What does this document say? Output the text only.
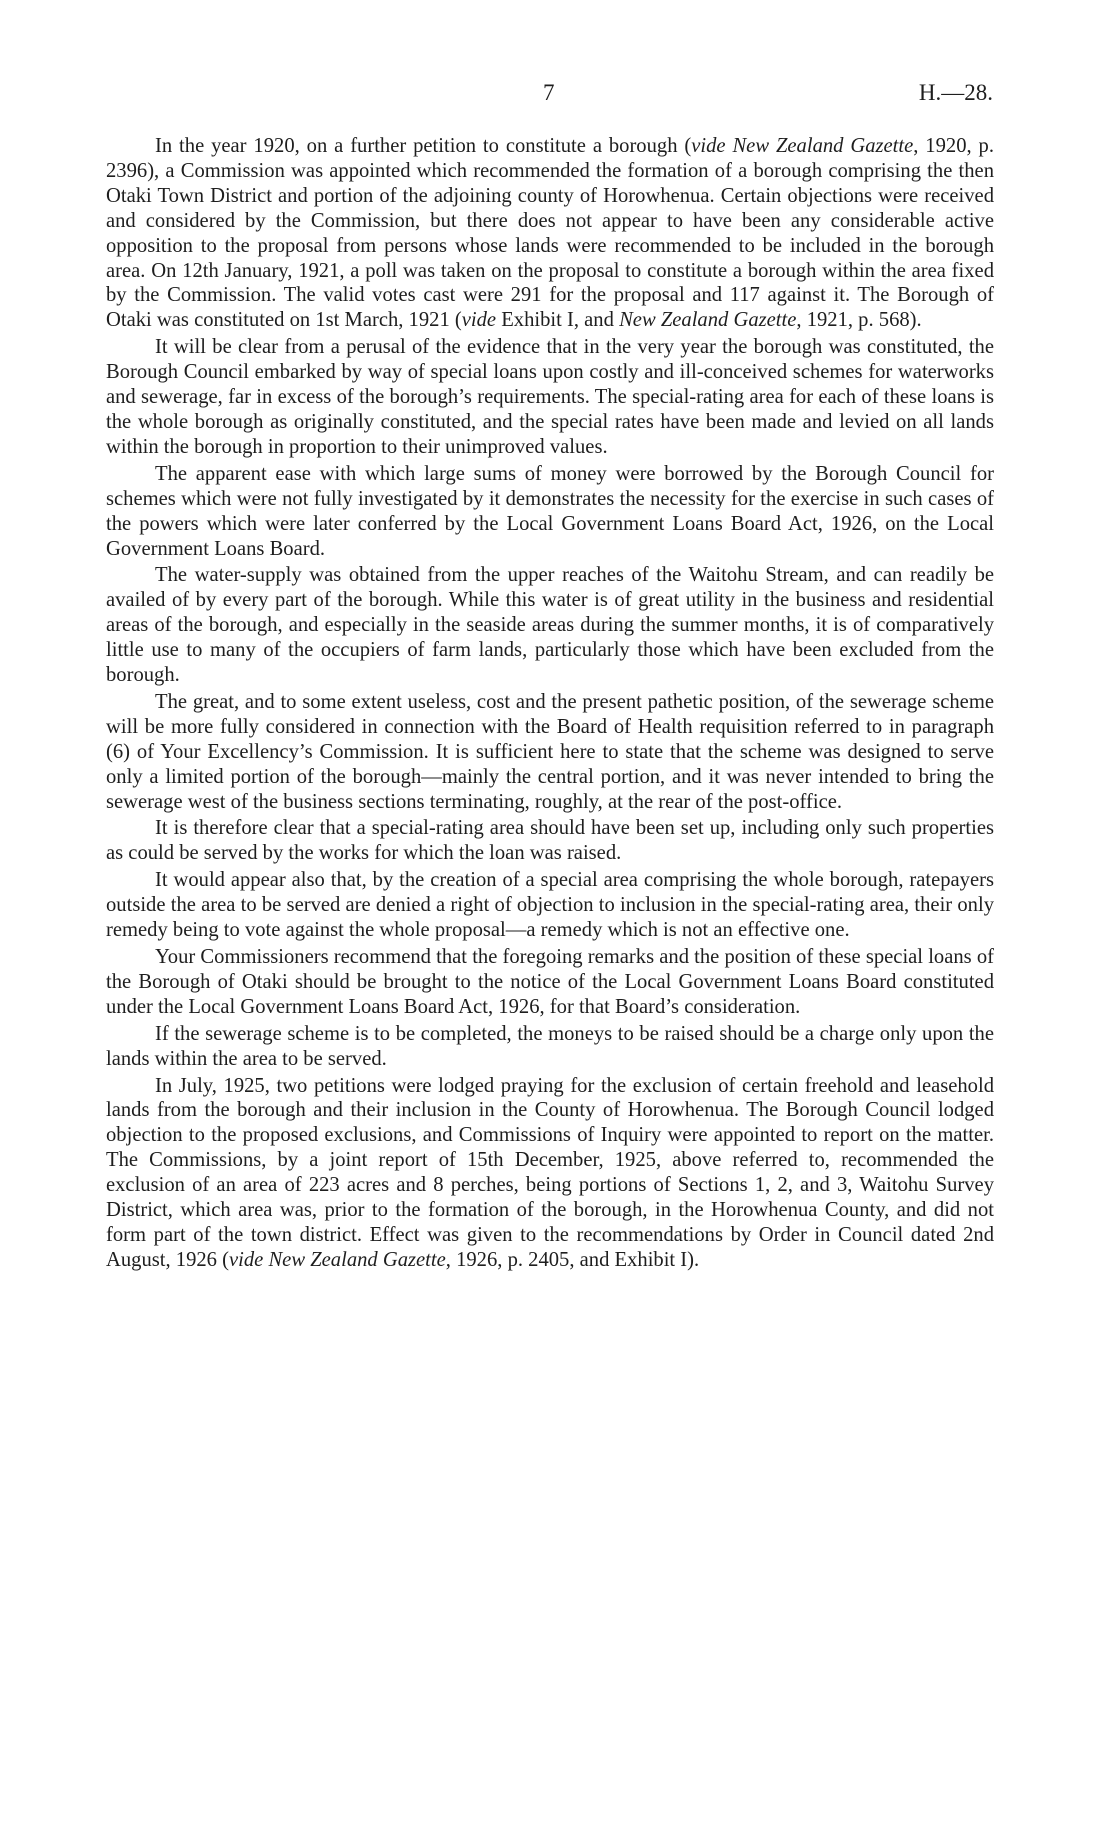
7	H.—28.

In the year 1920, on a further petition to constitute a borough (vide New Zealand Gazette, 1920, p. 2396), a Commission was appointed which recommended the formation of a borough comprising the then Otaki Town District and portion of the adjoining county of Horowhenua. Certain objections were received and considered by the Commission, but there does not appear to have been any considerable active opposition to the proposal from persons whose lands were recommended to be included in the borough area. On 12th January, 1921, a poll was taken on the proposal to constitute a borough within the area fixed by the Commission. The valid votes cast were 291 for the proposal and 117 against it. The Borough of Otaki was constituted on 1st March, 1921 (vide Exhibit I, and New Zealand Gazette, 1921, p. 568).

It will be clear from a perusal of the evidence that in the very year the borough was constituted, the Borough Council embarked by way of special loans upon costly and ill-conceived schemes for waterworks and sewerage, far in excess of the borough’s requirements. The special-rating area for each of these loans is the whole borough as originally constituted, and the special rates have been made and levied on all lands within the borough in proportion to their unimproved values.

The apparent ease with which large sums of money were borrowed by the Borough Council for schemes which were not fully investigated by it demonstrates the necessity for the exercise in such cases of the powers which were later conferred by the Local Government Loans Board Act, 1926, on the Local Government Loans Board.

The water-supply was obtained from the upper reaches of the Waitohu Stream, and can readily be availed of by every part of the borough. While this water is of great utility in the business and residential areas of the borough, and especially in the seaside areas during the summer months, it is of comparatively little use to many of the occupiers of farm lands, particularly those which have been excluded from the borough.

The great, and to some extent useless, cost and the present pathetic position, of the sewerage scheme will be more fully considered in connection with the Board of Health requisition referred to in paragraph (6) of Your Excellency’s Commission. It is sufficient here to state that the scheme was designed to serve only a limited portion of the borough—mainly the central portion, and it was never intended to bring the sewerage west of the business sections terminating, roughly, at the rear of the post-office.

It is therefore clear that a special-rating area should have been set up, including only such properties as could be served by the works for which the loan was raised.

It would appear also that, by the creation of a special area comprising the whole borough, ratepayers outside the area to be served are denied a right of objection to inclusion in the special-rating area, their only remedy being to vote against the whole proposal—a remedy which is not an effective one.

Your Commissioners recommend that the foregoing remarks and the position of these special loans of the Borough of Otaki should be brought to the notice of the Local Government Loans Board constituted under the Local Government Loans Board Act, 1926, for that Board’s consideration.

If the sewerage scheme is to be completed, the moneys to be raised should be a charge only upon the lands within the area to be served.

In July, 1925, two petitions were lodged praying for the exclusion of certain freehold and leasehold lands from the borough and their inclusion in the County of Horowhenua. The Borough Council lodged objection to the proposed exclusions, and Commissions of Inquiry were appointed to report on the matter. The Commissions, by a joint report of 15th December, 1925, above referred to, recommended the exclusion of an area of 223 acres and 8 perches, being portions of Sections 1, 2, and 3, Waitohu Survey District, which area was, prior to the formation of the borough, in the Horowhenua County, and did not form part of the town district. Effect was given to the recommendations by Order in Council dated 2nd August, 1926 (vide New Zealand Gazette, 1926, p. 2405, and Exhibit I).
